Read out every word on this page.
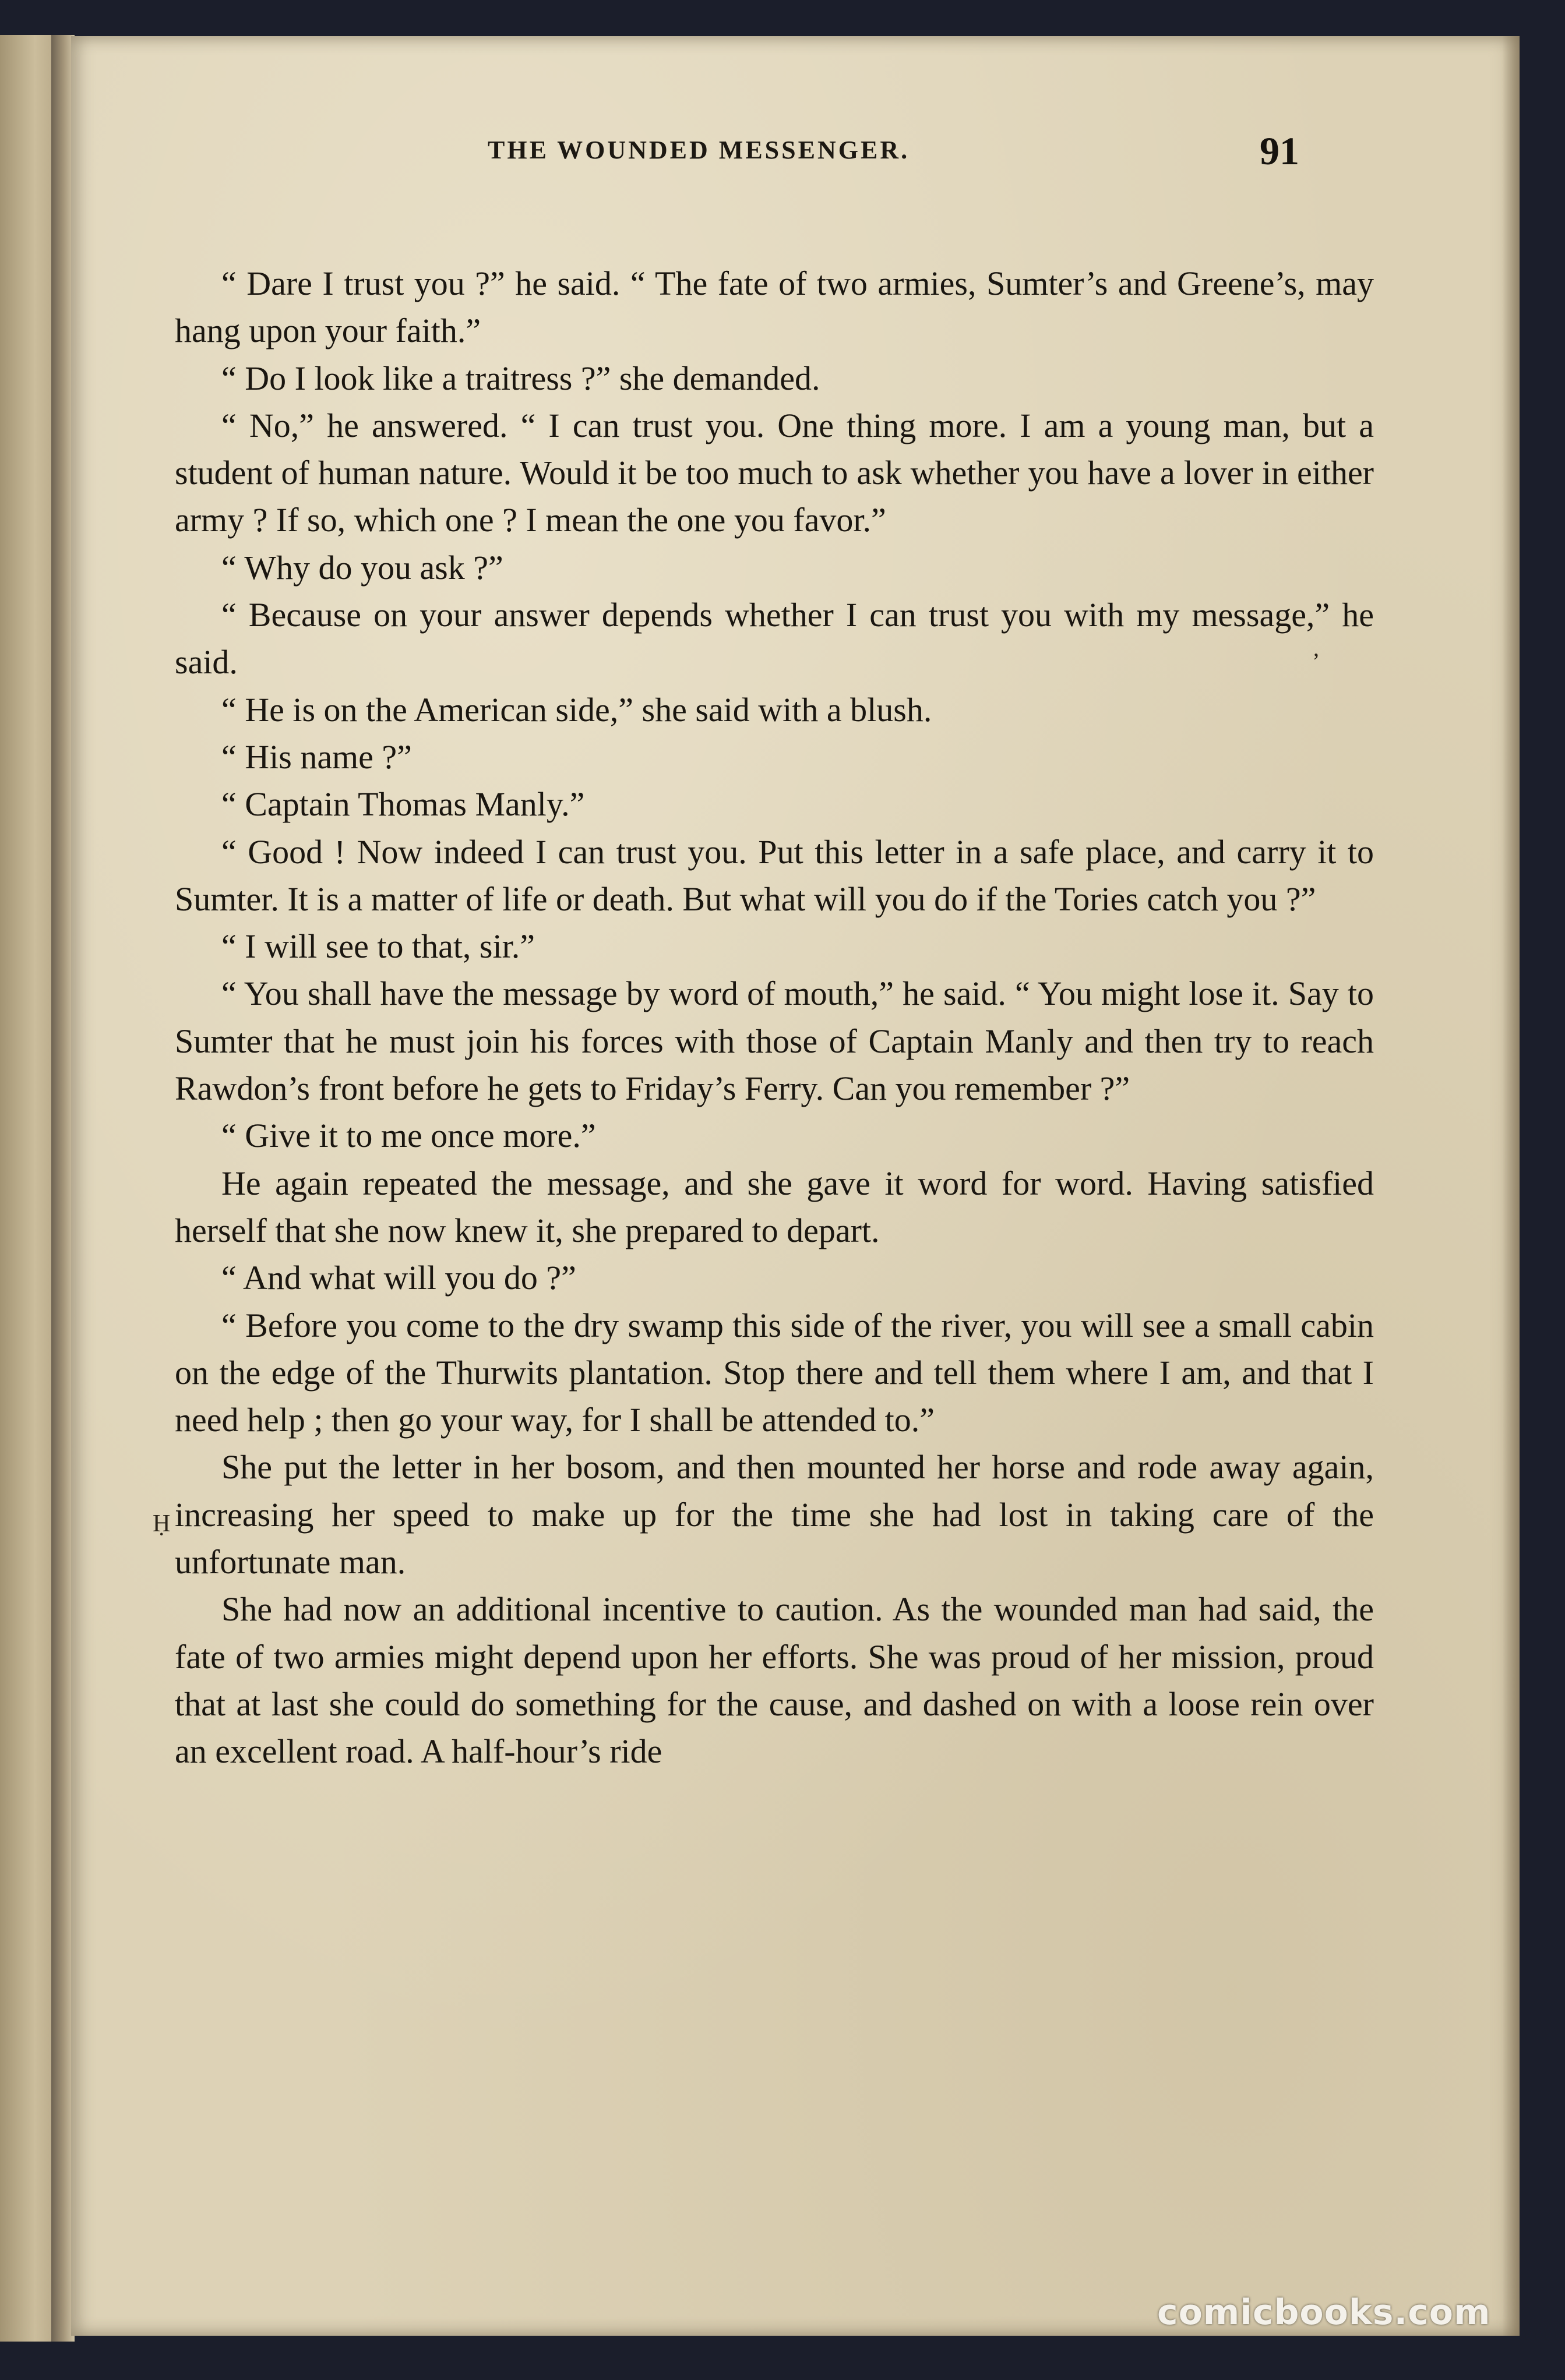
THE WOUNDED MESSENGER.	91

“ Dare I trust you ?” he said. “ The fate of two armies, Sumter’s and Greene’s, may hang upon your faith.”

“ Do I look like a traitress ?” she demanded.

“ No,” he answered. “ I can trust you. One thing more. I am a young man, but a student of human nature. Would it be too much to ask whether you have a lover in either army ? If so, which one ? I mean the one you favor.”

“ Why do you ask ?”

“ Because on your answer depends whether I can trust you with my message,” he said.

“ He is on the American side,” she said with a blush.

“ His name ?”

“ Captain Thomas Manly.”

“ Good ! Now indeed I can trust you. Put this letter in a safe place, and carry it to Sumter. It is a matter of life or death. But what will you do if the Tories catch you ?”

“ I will see to that, sir.”

“ You shall have the message by word of mouth,” he said. “ You might lose it. Say to Sumter that he must join his forces with those of Captain Manly and then try to reach Rawdon’s front before he gets to Friday’s Ferry. Can you remember ?”

“ Give it to me once more.”

He again repeated the message, and she gave it word for word. Having satisfied herself that she now knew it, she prepared to depart.

“ And what will you do ?”

“ Before you come to the dry swamp this side of the river, you will see a small cabin on the edge of the Thurwits plantation. Stop there and tell them where I am, and that I need help ; then go your way, for I shall be attended to.”

She put the letter in her bosom, and then mounted her horse and rode away again, increasing her speed to make up for the time she had lost in taking care of the unfortunate man.

She had now an additional incentive to caution. As the wounded man had said, the fate of two armies might depend upon her efforts. She was proud of her mission, proud that at last she could do something for the cause, and dashed on with a loose rein over an excellent road. A half-hour’s ride

ʼ
Ḥ
comicbooks.com
